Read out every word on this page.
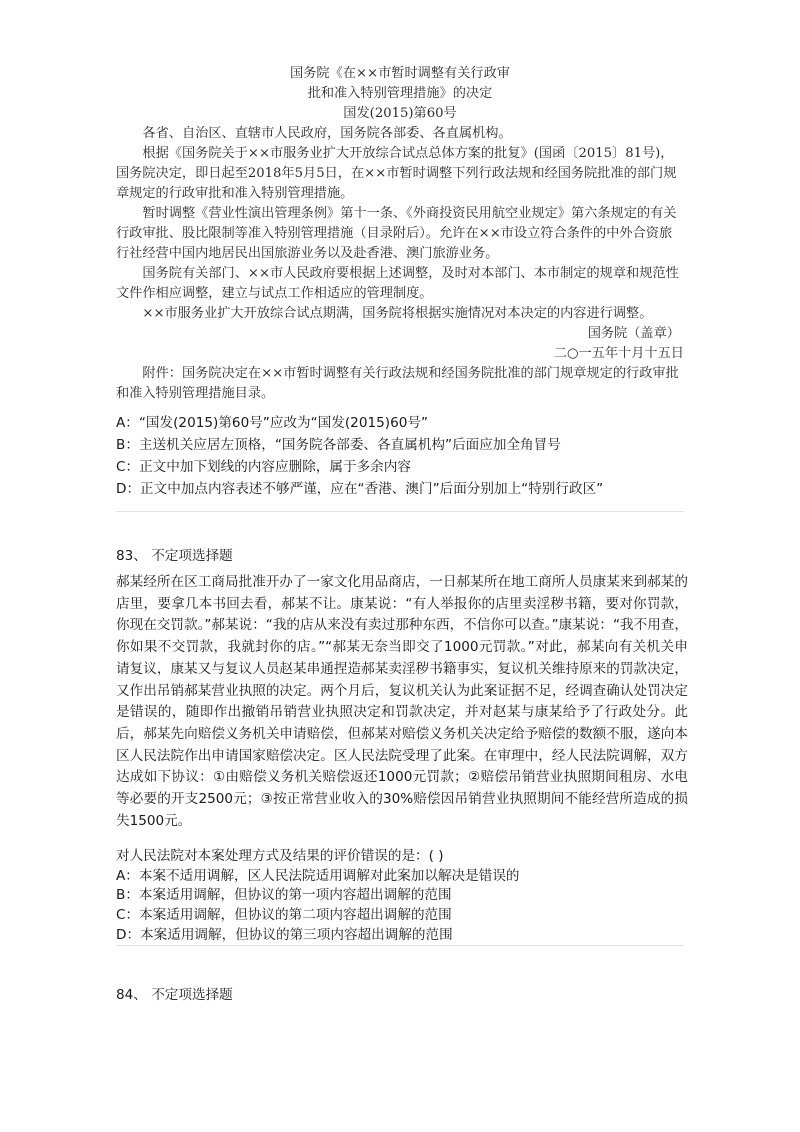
国务院《在××市暂时调整有关行政审
批和准入特别管理措施》的决定
国发(2015)第60号

各省、自治区、直辖市人民政府，国务院各部委、各直属机构。

根据《国务院关于××市服务业扩大开放综合试点总体方案的批复》(国函〔2015〕81号)，国务院决定，即日起至2018年5月5日，在××市暂时调整下列行政法规和经国务院批准的部门规章规定的行政审批和准入特别管理措施。

暂时调整《营业性演出管理条例》第十一条、《外商投资民用航空业规定》第六条规定的有关行政审批、股比限制等准入特别管理措施（目录附后）。允许在××市设立符合条件的中外合资旅行社经营中国内地居民出国旅游业务以及赴香港、澳门旅游业务。

国务院有关部门、××市人民政府要根据上述调整，及时对本部门、本市制定的规章和规范性文件作相应调整，建立与试点工作相适应的管理制度。

××市服务业扩大开放综合试点期满，国务院将根据实施情况对本决定的内容进行调整。

国务院（盖章）
二○一五年十月十五日

附件：国务院决定在××市暂时调整有关行政法规和经国务院批准的部门规章规定的行政审批和准入特别管理措施目录。

A：“国发(2015)第60号”应改为“国发(2015)60号”
B：主送机关应居左顶格，“国务院各部委、各直属机构”后面应加全角冒号
C：正文中加下划线的内容应删除，属于多余内容
D：正文中加点内容表述不够严谨，应在“香港、澳门”后面分别加上“特别行政区”
83、 不定项选择题

郝某经所在区工商局批准开办了一家文化用品商店，一日郝某所在地工商所人员康某来到郝某的店里，要拿几本书回去看，郝某不让。康某说：“有人举报你的店里卖淫秽书籍，要对你罚款，你现在交罚款。”郝某说：“我的店从来没有卖过那种东西，不信你可以查。”康某说：“我不用查，你如果不交罚款，我就封你的店。”“郝某无奈当即交了1000元罚款。”对此，郝某向有关机关申请复议，康某又与复议人员赵某串通捏造郝某卖淫秽书籍事实，复议机关维持原来的罚款决定，又作出吊销郝某营业执照的决定。两个月后，复议机关认为此案证据不足，经调查确认处罚决定是错误的，随即作出撤销吊销营业执照决定和罚款决定，并对赵某与康某给予了行政处分。此后，郝某先向赔偿义务机关申请赔偿，但郝某对赔偿义务机关决定给予赔偿的数额不服，遂向本区人民法院作出申请国家赔偿决定。区人民法院受理了此案。在审理中，经人民法院调解，双方达成如下协议：①由赔偿义务机关赔偿返还1000元罚款；②赔偿吊销营业执照期间租房、水电等必要的开支2500元；③按正常营业收入的30%赔偿因吊销营业执照期间不能经营所造成的损失1500元。

对人民法院对本案处理方式及结果的评价错误的是：( )
A：本案不适用调解，区人民法院适用调解对此案加以解决是错误的
B：本案适用调解，但协议的第一项内容超出调解的范围
C：本案适用调解，但协议的第二项内容超出调解的范围
D：本案适用调解，但协议的第三项内容超出调解的范围
84、 不定项选择题
